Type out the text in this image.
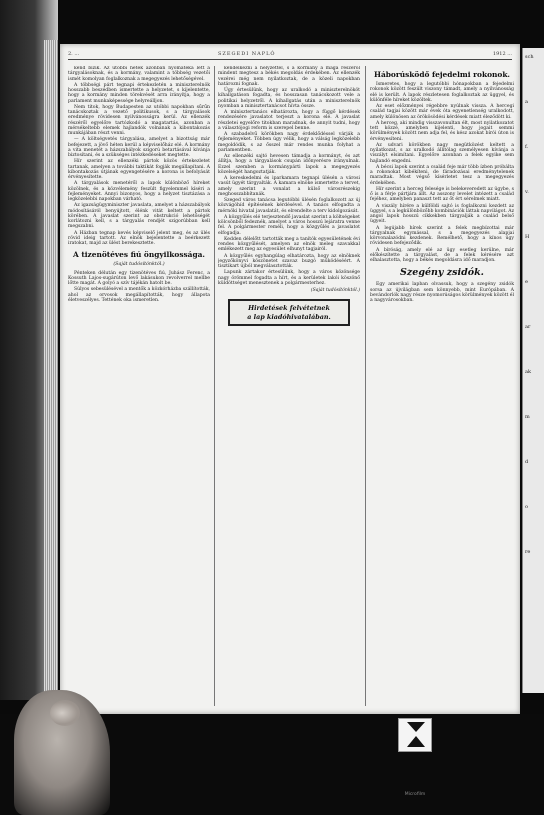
sch
a
f.
v.
H
e
ar
ak
m
d
o
re
2. ...	SZEGEDI NAPLÓ	1912 ...

kend bizik. Az utóbbi hetek azonban nyomatéka lett a tárgyalásoknak, és a kormány, valamint a többség vezetői ismét komolyan foglalkoznak a megegyezés lehetőségével.

A többségi párt tegnapi értekezletén a miniszterelnök hosszabb beszédben ismertette a helyzetet, s kijelentette, hogy a kormány minden törekvését arra irányítja, hogy a parlament munkaképessége helyreálljon.

Nem titok, hogy Budapesten az utóbbi napokban sűrűn tanácskoztak a vezető politikusok, s a tárgyalások eredménye rövidesen nyilvánosságra kerül. Az ellenzék részéről egyelőre tartózkodó a magatartás, azonban a mérsékeltebb elemek hajlandók volnának a kibontakozás munkájában részt venni.

— A költségvetés tárgyalása, amelyet a bizottság már befejezett, a jövő héten kerül a képviselőház elé. A kormány a vita menetét a házszabályok szigorú betartásával kívánja biztosítani, és a szükséges intézkedéseket megtette.

Hír szerint az ellenzéki pártok közös értekezletet tartanak, amelyen a további taktikát fogják megállapítani. A kibontakozás útjának egyengetésére a korona is befolyását érvényesítette.

A tárgyalások menetéről a lapok különböző híreket közölnek, és a közvélemény feszült figyelemmel kíséri a fejleményeket. Annyi bizonyos, hogy a helyzet tisztázása a legközelebbi napokban várható.

Az igazságügyminiszter javaslata, amelyet a házszabályok módosításáról benyújtott, élénk vitát keltett a pártok körében. A javaslat szerint az obstrukció lehetőségét korlátozni kell, s a tárgyalás rendjét szigorúbban kell megszabni.

A Házban tegnap kevés képviselő jelent meg, és az ülés rövid ideig tartott. Az elnök bejelentette a beérkezett iratokat, majd az ülést berekesztette.

A tizenötéves fiú öngyilkossága.
(Saját tudósítónktól.)

Pénteken délután egy tizenötéves fiú, Juhász Ferenc, a Kossuth Lajos-sugárúton levő lakásukon revolverrel mellbe lőtte magát. A golyó a szív tájékán hatolt be.

Súlyos sebesülésével a mentők a közkórházba szállították, ahol az orvosok megállapították, hogy állapota életveszélyes. Tettének oka ismeretlen.

kendelkezni a helyzettel, s a kormány a maga részéről mindent megtesz a békés megoldás érdekében. Az ellenzék vezérei még nem nyilatkoztak, de a közeli napokban határozni fognak.

Úgy értesülünk, hogy az uralkodó a miniszterelnököt kihallgatáson fogadta, és hosszasan tanácskozott vele a politikai helyzetről. A kihallgatás után a miniszterelnök nyomban a minisztertanácsot hívta össze.

A minisztertanács elhatározta, hogy a függő kérdések rendezésére javaslatot terjeszt a korona elé. A javaslat részletei egyelőre titokban maradnak, de annyit tudni, hogy a választójogi reform is szerepel benne.

A szabadelvű körökben nagy érdeklődéssel várják a fejleményeket. Többen úgy vélik, hogy a válság legközelebb megoldódik, s az ősszel már rendes munka folyhat a parlamentben.

Az ellenzéki sajtó hevesen támadja a kormányt, és azt állítja, hogy a tárgyalások csupán időnyerésre irányulnak. Ezzel szemben a kormánypárti lapok a megegyezés közelségét hangoztatják.

A kereskedelmi és iparkamara tegnapi ülésén a városi vasút ügyét tárgyalták. A kamara elnöke ismertette a tervet, amely szerint a vonalat a külső városrészekig meghosszabbítanák.

Szeged város tanácsa legutóbbi ülésén foglalkozott az új közvágóhíd építésének kérdésével. A tanács elfogadta a mérnöki hivatal javaslatát, és elrendelte a terv kidolgozását.

A közgyűlés elé terjesztendő javaslat szerint a költségeket kölcsönből fedeznék, amelyet a város hosszú lejáratra venne fel. A polgármester reméli, hogy a közgyűlés a javaslatot elfogadja.

Kedden délelőtt tartották meg a tanítók egyesületének évi rendes közgyűlését, amelyen az elnök meleg szavakkal emlékezett meg az egyesület elhunyt tagjairól.

A közgyűlés egyhangúlag elhatározta, hogy az elnöknek jegyzőkönyvi köszönetet szavaz buzgó működéséért. A tisztikart újból megválasztották.

Lapunk zártakor értesülünk, hogy a város közönsége nagy örömmel fogadta a hírt, és a kerületek lakói köszönő küldöttséget menesztenek a polgármesterhez.

(Saját tudósítónktól.)
Hirdetések felvétetnek
a lap kiadóhivatalában.
Háborúsködő fejedelmi rokonok.

Ismeretes, hogy a legutóbbi hónapokban a fejedelmi rokonok között feszült viszony támadt, amely a nyilvánosság elé is került. A lapok részletesen foglalkoztak az üggyel, és különféle híreket közöltek.

Az eset előzményei régebbre nyúlnak vissza. A hercegi család tagjai között már évek óta egyenetlenség uralkodott, amely különösen az örökösödési kérdések miatt éleződött ki.

A herceg, aki mindig visszavonultan élt, most nyilatkozatot tett közzé, amelyben kijelenti, hogy jogait semmi körülmények között nem adja fel, és kész azokat bírói úton is érvényesíteni.

Az udvari körökben nagy megütközést keltett a nyilatkozat, s az uralkodó állítólag személyesen kívánja a viszályt elsimítani. Egyelőre azonban a felek egyike sem hajlandó engedni.

A bécsi lapok szerint a család feje már több ízben próbálta a rokonokat kibékíteni, de fáradozásai eredménytelenek maradtak. Most végső kísérletet tesz a megegyezés érdekében.

Hír szerint a herceg felesége is belekeveredett az ügybe, s ő is a férje pártjára állt. Az asszony levelet intézett a család fejéhez, amelyben panaszt tett az őt ért sérelmek miatt.

A viszály hírére a külföldi sajtó is foglalkozni kezdett az üggyel, s a legkülönbözőbb kombinációk láttak napvilágot. Az angol lapok hosszú cikkekben tárgyalják a család belső ügyeit.

A legújabb hírek szerint a felek megbízottai már tárgyalnak egymással, s a megegyezés alapjai körvonalazódni kezdenek. Remélhető, hogy a kínos ügy rövidesen befejeződik.

A bíróság, amely elé az ügy esetleg kerülne, már előkészítette a tárgyalást, de a felek kérésére azt elhalasztotta, hogy a békés megoldásra idő maradjon.

Szegény zsidók.

Egy amerikai lapban olvassuk, hogy a szegény zsidók sorsa az újvilágban sem könnyebb, mint Európában. A bevándorlók nagy része nyomorúságos körülmények között él a nagyvárosokban.

Microfilm
